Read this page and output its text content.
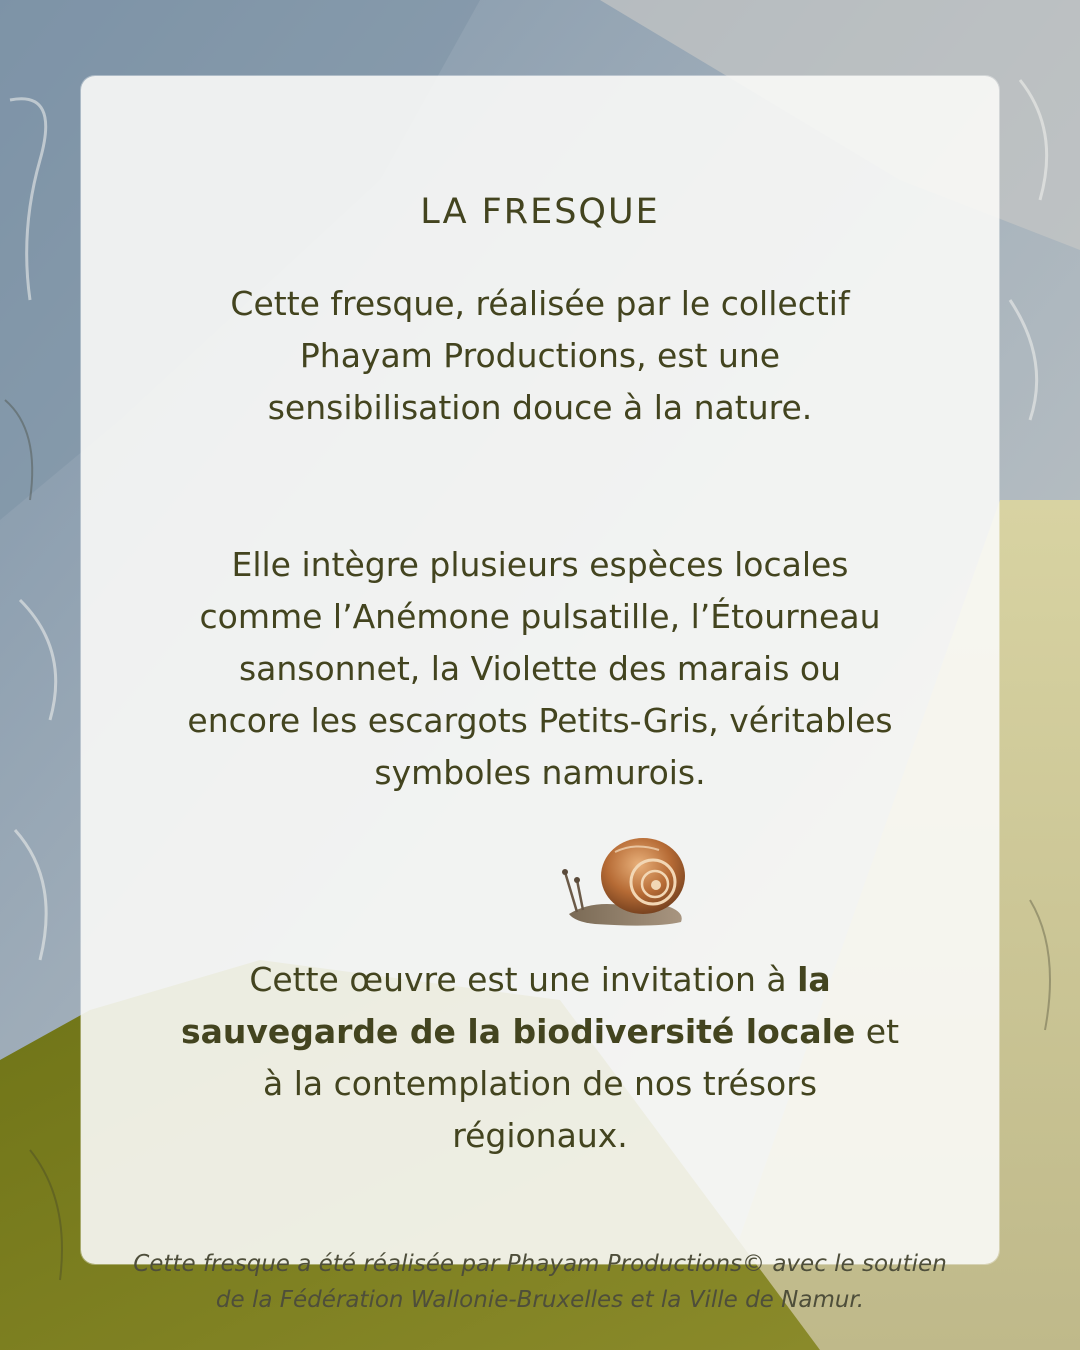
LA FRESQUE

Cette fresque, réalisée par le collectif Phayam Productions, est une sensibilisation douce à la nature.

Elle intègre plusieurs espèces locales comme l’Anémone pulsatille, l’Étourneau sansonnet, la Violette des marais ou encore les escargots Petits-Gris, véritables symboles namurois.

Cette œuvre est une invitation à la sauvegarde de la biodiversité locale et à la contemplation de nos trésors régionaux.

Cette fresque a été réalisée par Phayam Productions© avec le soutien de la Fédération Wallonie-Bruxelles et la Ville de Namur.
